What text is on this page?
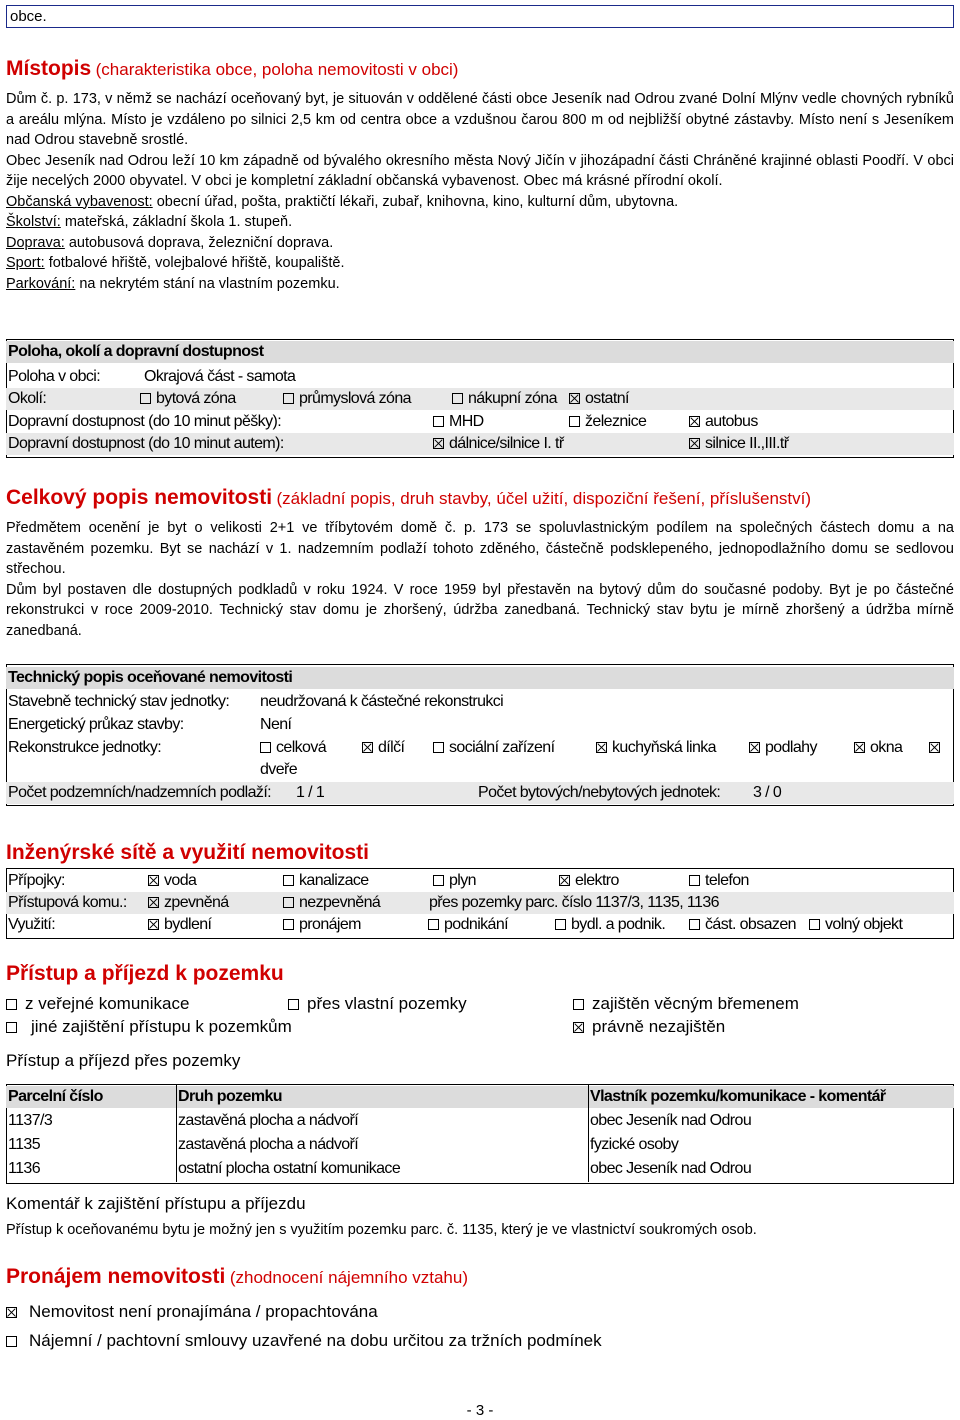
obce.
Místopis (charakteristika obce, poloha nemovitosti v obci)

Dům č. p. 173, v němž se nachází oceňovaný byt, je situován v oddělené části obce Jeseník nad Odrou zvané Dolní Mlýnv vedle chovných rybníků a areálu mlýna. Místo je vzdáleno po silnici 2,5 km od centra obce a vzdušnou čarou 800 m od nejbližší obytné zástavby. Místo není s Jeseníkem nad Odrou stavebně srostlé.

Obec Jeseník nad Odrou leží 10 km západně od bývalého okresního města Nový Jičín v jihozápadní části Chráněné krajinné oblasti Poodří. V obci žije necelých 2000 obyvatel. V obci je kompletní základní občanská vybavenost. Obec má krásné přírodní okolí.

Občanská vybavenost: obecní úřad, pošta, praktičtí lékaři, zubař, knihovna, kino, kulturní dům, ubytovna.

Školství: mateřská, základní škola 1. stupeň.

Doprava: autobusová doprava, železniční doprava.

Sport: fotbalové hřiště, volejbalové hřiště, koupaliště.

Parkování: na nekrytém stání na vlastním pozemku.

Poloha, okolí a dopravní dostupnost
Poloha v obci:	Okrajová část - samota
Okolí:	bytová zóna	průmyslová zóna	nákupní zóna	ostatní
Dopravní dostupnost (do 10 minut pěšky):	MHD	železnice	autobus
Dopravní dostupnost (do 10 minut autem):	dálnice/silnice I. tř	silnice II.,III.tř
Celkový popis nemovitosti (základní popis, druh stavby, účel užití, dispoziční řešení, příslušenství)

Předmětem ocenění je byt o velikosti 2+1 ve tříbytovém domě č. p. 173 se spoluvlastnickým podílem na společných částech domu a na zastavěném pozemku. Byt se nachází v 1. nadzemním podlaží tohoto zděného, částečně podsklepeného, jednopodlažního domu se sedlovou střechou.

Dům byl postaven dle dostupných podkladů v roku 1924. V roce 1959 byl přestavěn na bytový dům do současné podoby. Byt je po částečné rekonstrukci v roce 2009-2010. Technický stav domu je zhoršený, údržba zanedbaná. Technický stav bytu je mírně zhoršený a údržba mírně zanedbaná.

Technický popis oceňované nemovitosti
Stavebně technický stav jednotky: neudržovaná k částečné rekonstrukci
Energetický průkaz stavby:	Není
Rekonstrukce jednotky:	celková	dílčí	sociální zařízení	kuchyňská linka	podlahy	okna
dveře
Počet podzemních/nadzemních podlaží: 1 / 1	Počet bytových/nebytových jednotek: 3 / 0
Inženýrské sítě a využití nemovitosti
Přípojky:	voda	kanalizace	plyn	elektro	telefon
Přístupová komu.:	zpevněná	nezpevněná	přes pozemky parc. číslo 1137/3, 1135, 1136
Využití:	bydlení	pronájem	podnikání	bydl. a podnik.	část. obsazen	volný objekt
Přístup a příjezd k pozemku
z veřejné komunikace	přes vlastní pozemky	zajištěn věcným břemenem
jiné zajištění přístupu k pozemkům	právně nezajištěn
Přístup a příjezd přes pozemky
Parcelní číslo	Druh pozemku	Vlastník pozemku/komunikace - komentář
1137/3	zastavěná plocha a nádvoří	obec Jeseník nad Odrou
1135	zastavěná plocha a nádvoří	fyzické osoby
1136	ostatní plocha ostatní komunikace	obec Jeseník nad Odrou
Komentář k zajištění přístupu a příjezdu
Přístup k oceňovanému bytu je možný jen s využitím pozemku parc. č. 1135, který je ve vlastnictví soukromých osob.
Pronájem nemovitosti (zhodnocení nájemního vztahu)
Nemovitost není pronajímána / propachtována
Nájemní / pachtovní smlouvy uzavřené na dobu určitou za tržních podmínek
- 3 -
